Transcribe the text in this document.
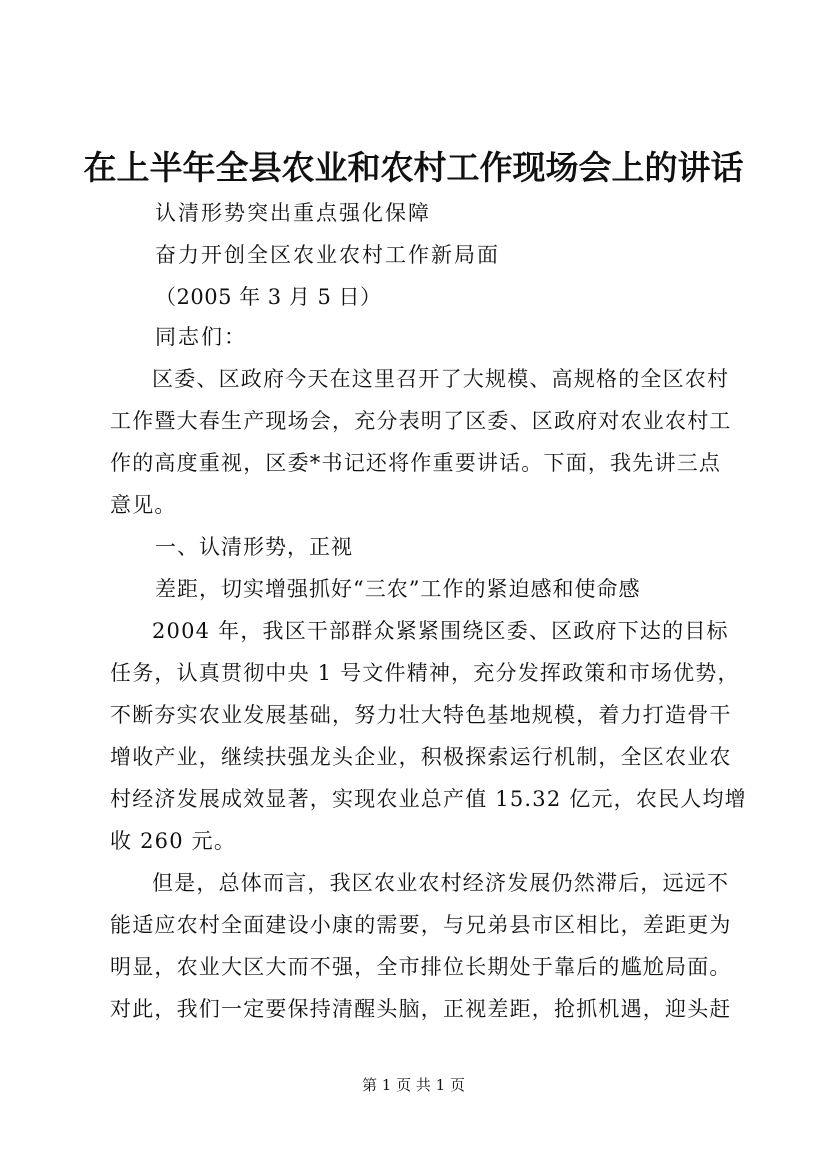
在上半年全县农业和农村工作现场会上的讲话
认清形势突出重点强化保障
奋力开创全区农业农村工作新局面
（2005 年 3 月 5 日）
同志们：
区委、区政府今天在这里召开了大规模、高规格的全区农村
工作暨大春生产现场会，充分表明了区委、区政府对农业农村工
作的高度重视，区委*书记还将作重要讲话。下面，我先讲三点
意见。
一、认清形势，正视
差距，切实增强抓好“三农”工作的紧迫感和使命感
2004 年，我区干部群众紧紧围绕区委、区政府下达的目标
任务，认真贯彻中央 1 号文件精神，充分发挥政策和市场优势，
不断夯实农业发展基础，努力壮大特色基地规模，着力打造骨干
增收产业，继续扶强龙头企业，积极探索运行机制，全区农业农
村经济发展成效显著，实现农业总产值 15.32 亿元，农民人均增
收 260 元。
但是，总体而言，我区农业农村经济发展仍然滞后，远远不
能适应农村全面建设小康的需要，与兄弟县市区相比，差距更为
明显，农业大区大而不强，全市排位长期处于靠后的尴尬局面。
对此，我们一定要保持清醒头脑，正视差距，抢抓机遇，迎头赶
第 1 页 共 1 页
